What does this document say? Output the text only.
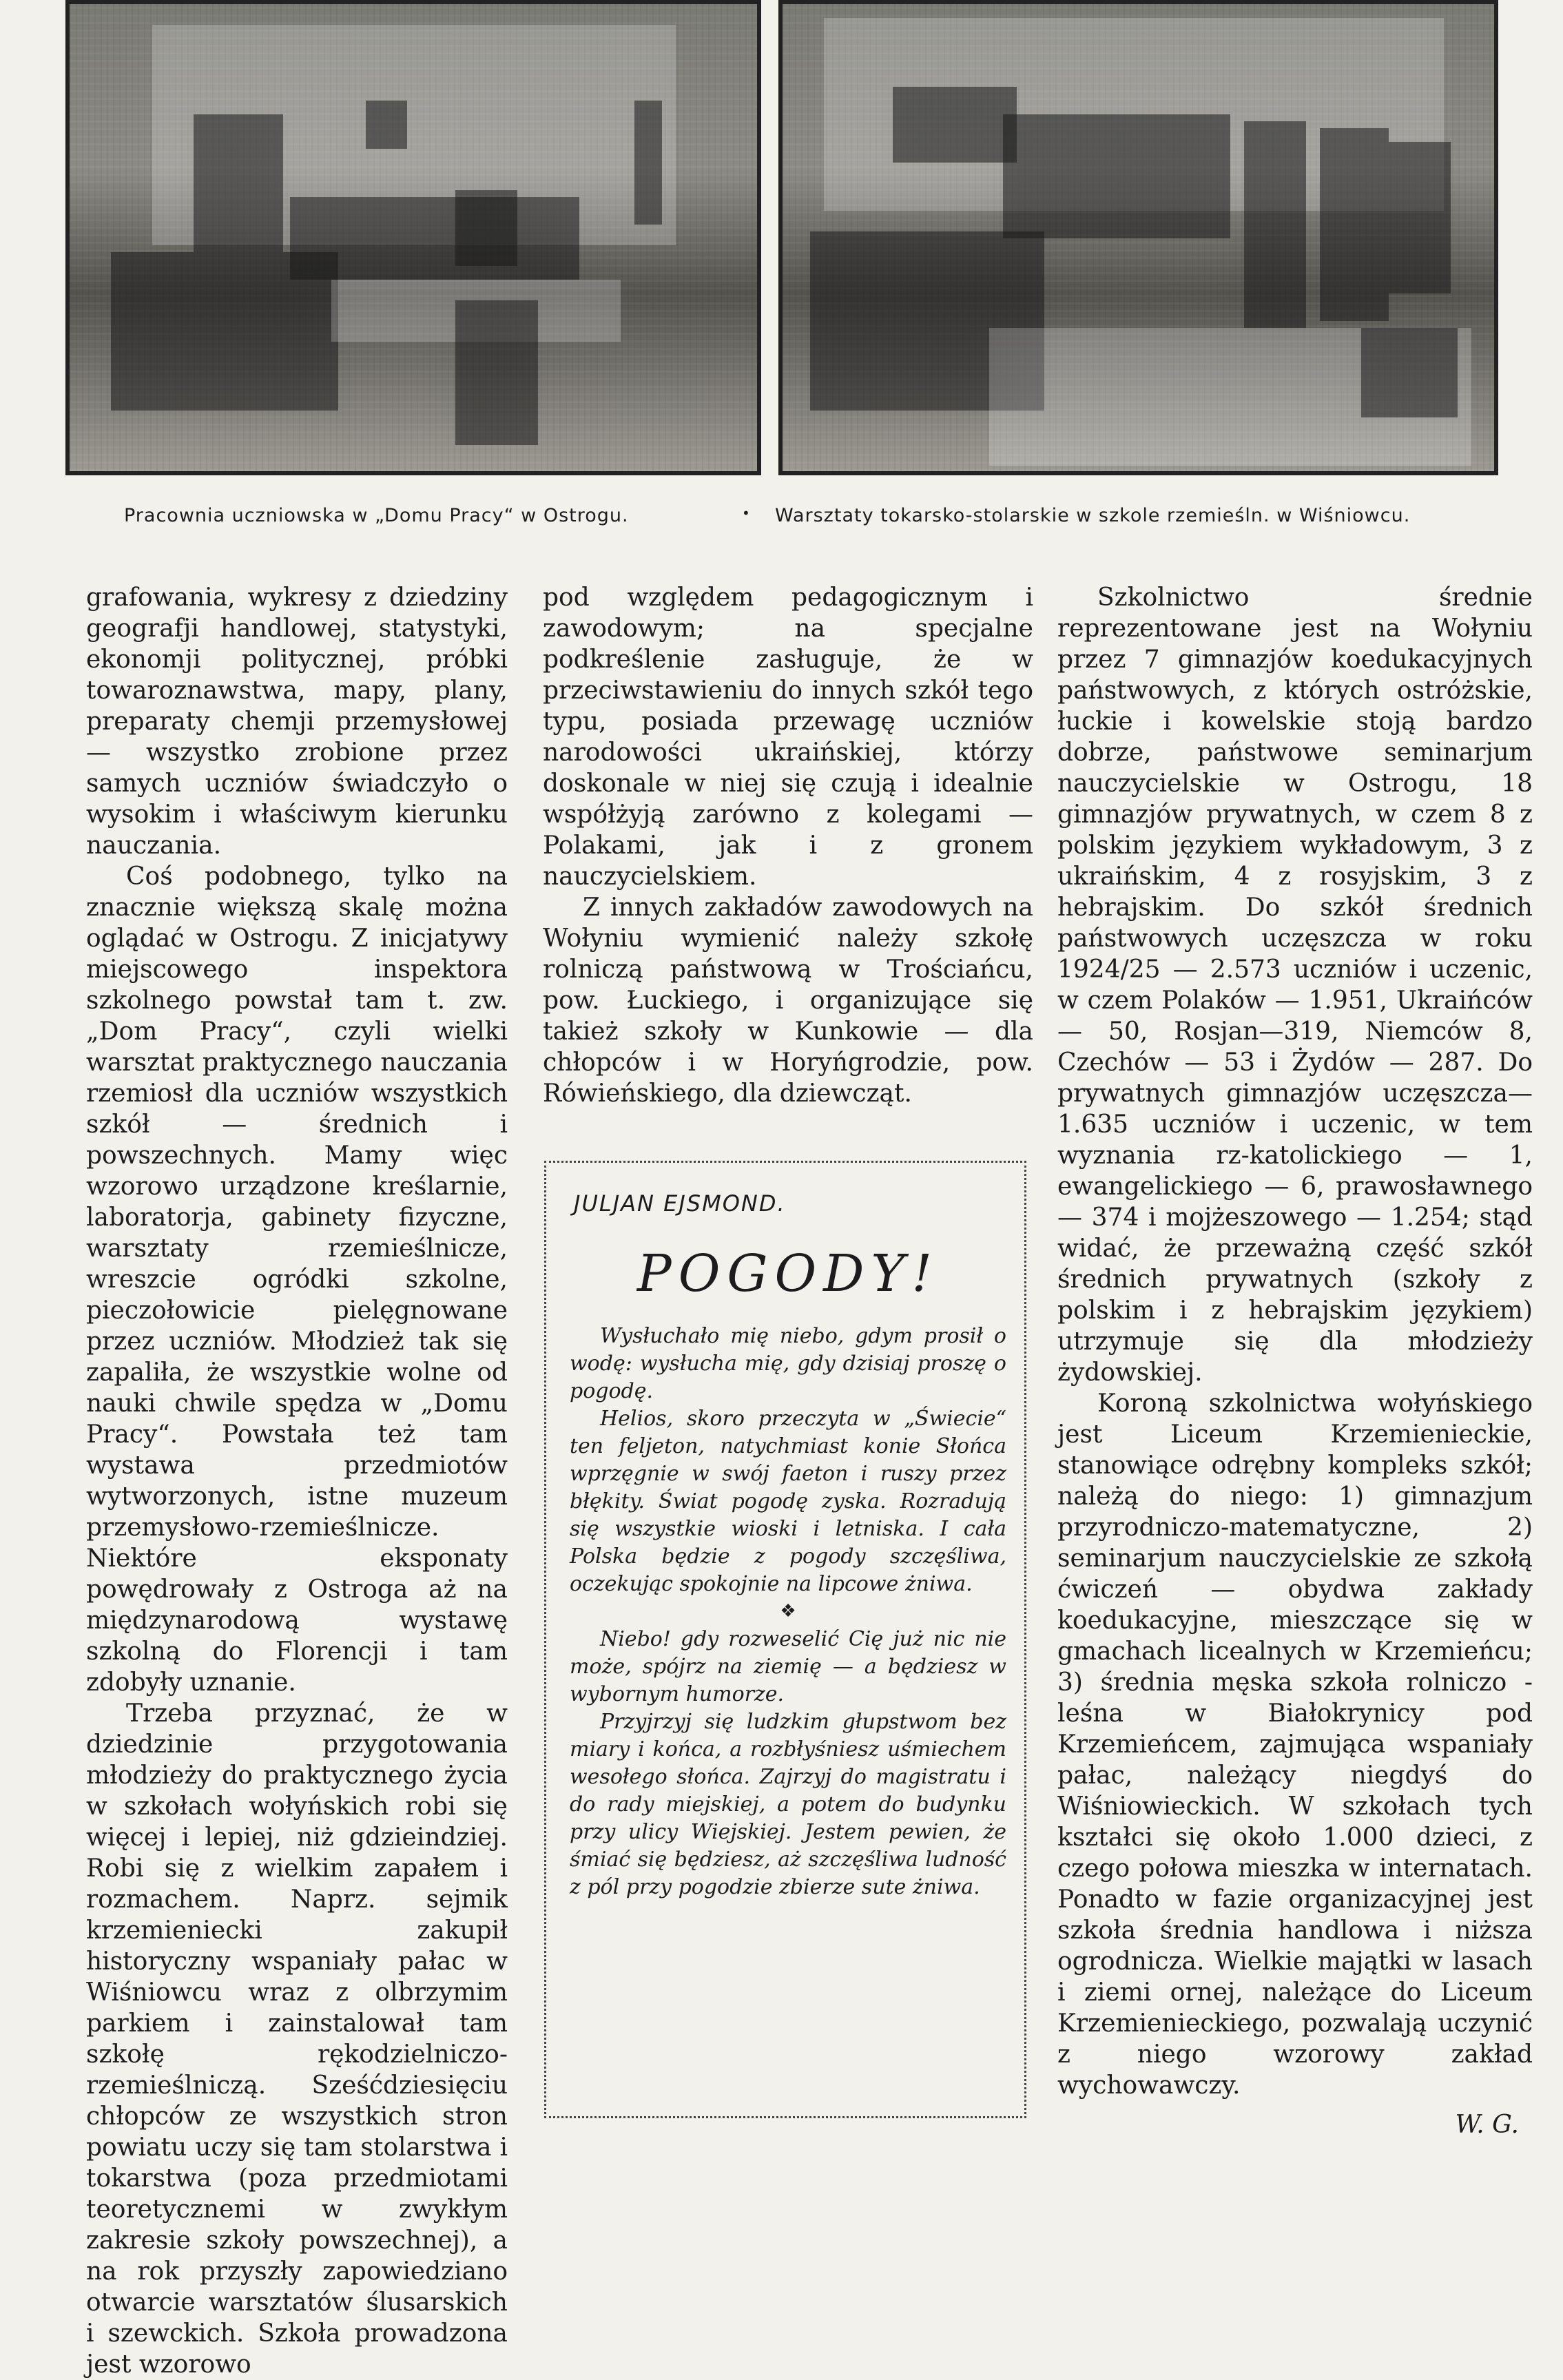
Pracownia uczniowska w „Domu Pracy“ w Ostrogu.	• Warsztaty tokarsko-stolarskie w szkole rzemieśln. w Wiśniowcu.

grafowania, wykresy z dziedziny geografji handlowej, statystyki, ekonomji politycznej, próbki towaroznawstwa, mapy, plany, preparaty chemji przemysłowej — wszystko zrobione przez samych uczniów świadczyło o wysokim i właściwym kierunku nauczania.

Coś podobnego, tylko na znacznie większą skalę można oglądać w Ostrogu. Z inicjatywy miejscowego inspektora szkolnego powstał tam t. zw. „Dom Pracy“, czyli wielki warsztat praktycznego nauczania rzemiosł dla uczniów wszystkich szkół — średnich i powszechnych. Mamy więc wzorowo urządzone kreślarnie, laboratorja, gabinety fizyczne, warsztaty rzemieślnicze, wreszcie ogródki szkolne, pieczołowicie pielęgnowane przez uczniów. Młodzież tak się zapaliła, że wszystkie wolne od nauki chwile spędza w „Domu Pracy“. Powstała też tam wystawa przedmiotów wytworzonych, istne muzeum przemysłowo-rzemieślnicze. Niektóre eksponaty powędrowały z Ostroga aż na międzynarodową wystawę szkolną do Florencji i tam zdobyły uznanie.

Trzeba przyznać, że w dziedzinie przygotowania młodzieży do praktycznego życia w szkołach wołyńskich robi się więcej i lepiej, niż gdzieindziej. Robi się z wielkim zapałem i rozmachem. Naprz. sejmik krzemieniecki zakupił historyczny wspaniały pałac w Wiśniowcu wraz z olbrzymim parkiem i zainstalował tam szkołę rękodzielniczo-rzemieślniczą. Sześćdziesięciu chłopców ze wszystkich stron powiatu uczy się tam stolarstwa i tokarstwa (poza przedmiotami teoretycznemi w zwykłym zakresie szkoły powszechnej), a na rok przyszły zapowiedziano otwarcie warsztatów ślusarskich i szewckich. Szkoła prowadzona jest wzorowo

pod względem pedagogicznym i zawodowym; na specjalne podkreślenie zasługuje, że w przeciwstawieniu do innych szkół tego typu, posiada przewagę uczniów narodowości ukraińskiej, którzy doskonale w niej się czują i idealnie współżyją zarówno z kolegami — Polakami, jak i z gronem nauczycielskiem.

Z innych zakładów zawodowych na Wołyniu wymienić należy szkołę rolniczą państwową w Trościańcu, pow. Łuckiego, i organizujące się takież szkoły w Kunkowie — dla chłopców i w Horyńgrodzie, pow. Rówieńskiego, dla dziewcząt.

JULJAN EJSMOND.
POGODY!

Wysłuchało mię niebo, gdym prosił o wodę: wysłucha mię, gdy dzisiaj proszę o pogodę.

Helios, skoro przeczyta w „Świecie“ ten feljeton, natychmiast konie Słońca wprzęgnie w swój faeton i ruszy przez błękity. Świat pogodę zyska. Rozradują się wszystkie wioski i letniska. I cała Polska będzie z pogody szczęśliwa, oczekując spokojnie na lipcowe żniwa.

❖

Niebo! gdy rozweselić Cię już nic nie może, spójrz na ziemię — a będziesz w wybornym humorze.

Przyjrzyj się ludzkim głupstwom bez miary i końca, a rozbłyśniesz uśmiechem wesołego słońca. Zajrzyj do magistratu i do rady miejskiej, a potem do budynku przy ulicy Wiejskiej. Jestem pewien, że śmiać się będziesz, aż szczęśliwa ludność z pól przy pogodzie zbierze sute żniwa.

Szkolnictwo średnie reprezentowane jest na Wołyniu przez 7 gimnazjów koedukacyjnych państwowych, z których ostróżskie, łuckie i kowelskie stoją bardzo dobrze, państwowe seminarjum nauczycielskie w Ostrogu, 18 gimnazjów prywatnych, w czem 8 z polskim językiem wykładowym, 3 z ukraińskim, 4 z rosyjskim, 3 z hebrajskim. Do szkół średnich państwowych uczęszcza w roku 1924/25 — 2.573 uczniów i uczenic, w czem Polaków — 1.951, Ukraińców — 50, Rosjan—319, Niemców 8, Czechów — 53 i Żydów — 287. Do prywatnych gimnazjów uczęszcza— 1.635 uczniów i uczenic, w tem wyznania rz-katolickiego — 1, ewangelickiego — 6, prawosławnego — 374 i mojżeszowego — 1.254; stąd widać, że przeważną część szkół średnich prywatnych (szkoły z polskim i z hebrajskim językiem) utrzymuje się dla młodzieży żydowskiej.

Koroną szkolnictwa wołyńskiego jest Liceum Krzemienieckie, stanowiące odrębny kompleks szkół; należą do niego: 1) gimnazjum przyrodniczo-matematyczne, 2) seminarjum nauczycielskie ze szkołą ćwiczeń — obydwa zakłady koedukacyjne, mieszczące się w gmachach licealnych w Krzemieńcu; 3) średnia męska szkoła rolniczo - leśna w Białokrynicy pod Krzemieńcem, zajmująca wspaniały pałac, należący niegdyś do Wiśniowieckich. W szkołach tych kształci się około 1.000 dzieci, z czego połowa mieszka w internatach. Ponadto w fazie organizacyjnej jest szkoła średnia handlowa i niższa ogrodnicza. Wielkie majątki w lasach i ziemi ornej, należące do Liceum Krzemienieckiego, pozwalają uczynić z niego wzorowy zakład wychowawczy.

W. G.
